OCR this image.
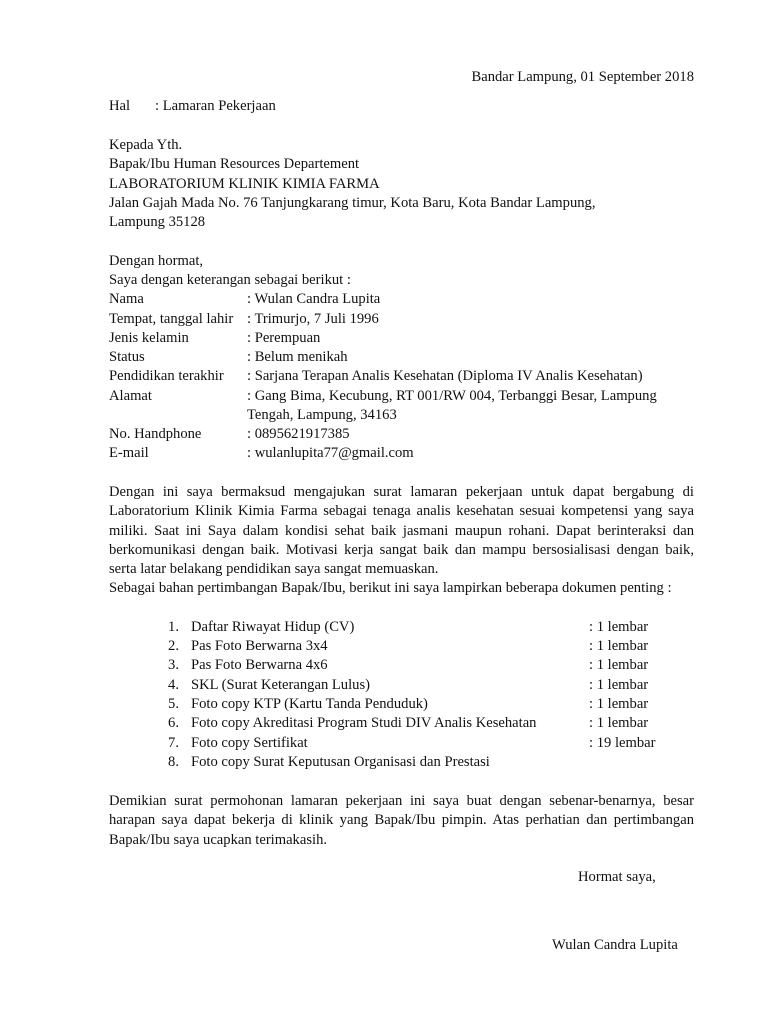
Bandar Lampung, 01 September 2018
Hal : Lamaran Pekerjaan
Kepada Yth.
Bapak/Ibu Human Resources Departement
LABORATORIUM KLINIK KIMIA FARMA
Jalan Gajah Mada No. 76 Tanjungkarang timur, Kota Baru, Kota Bandar Lampung,
Lampung 35128
Dengan hormat,
Saya dengan keterangan sebagai berikut :
Nama	: Wulan Candra Lupita
Tempat, tanggal lahir : Trimurjo, 7 Juli 1996
Jenis kelamin	: Perempuan
Status	: Belum menikah
Pendidikan terakhir : Sarjana Terapan Analis Kesehatan (Diploma IV Analis Kesehatan)
Alamat	: Gang Bima, Kecubung, RT 001/RW 004, Terbanggi Besar, Lampung
Tengah, Lampung, 34163
No. Handphone	: 0895621917385
E-mail	: wulanlupita77@gmail.com
Dengan ini saya bermaksud mengajukan surat lamaran pekerjaan untuk dapat bergabung di Laboratorium Klinik Kimia Farma sebagai tenaga analis kesehatan sesuai kompetensi yang saya miliki. Saat ini Saya dalam kondisi sehat baik jasmani maupun rohani. Dapat berinteraksi dan berkomunikasi dengan baik. Motivasi kerja sangat baik dan mampu bersosialisasi dengan baik, serta latar belakang pendidikan saya sangat memuaskan.
Sebagai bahan pertimbangan Bapak/Ibu, berikut ini saya lampirkan beberapa dokumen penting :
1. Daftar Riwayat Hidup (CV)	: 1 lembar
2. Pas Foto Berwarna 3x4	: 1 lembar
3. Pas Foto Berwarna 4x6	: 1 lembar
4. SKL (Surat Keterangan Lulus)	: 1 lembar
5. Foto copy KTP (Kartu Tanda Penduduk)	: 1 lembar
6. Foto copy Akreditasi Program Studi DIV Analis Kesehatan	: 1 lembar
7. Foto copy Sertifikat	: 19 lembar
8. Foto copy Surat Keputusan Organisasi dan Prestasi
Demikian surat permohonan lamaran pekerjaan ini saya buat dengan sebenar-benarnya, besar harapan saya dapat bekerja di klinik yang Bapak/Ibu pimpin. Atas perhatian dan pertimbangan Bapak/Ibu saya ucapkan terimakasih.
Hormat saya,
Wulan Candra Lupita
